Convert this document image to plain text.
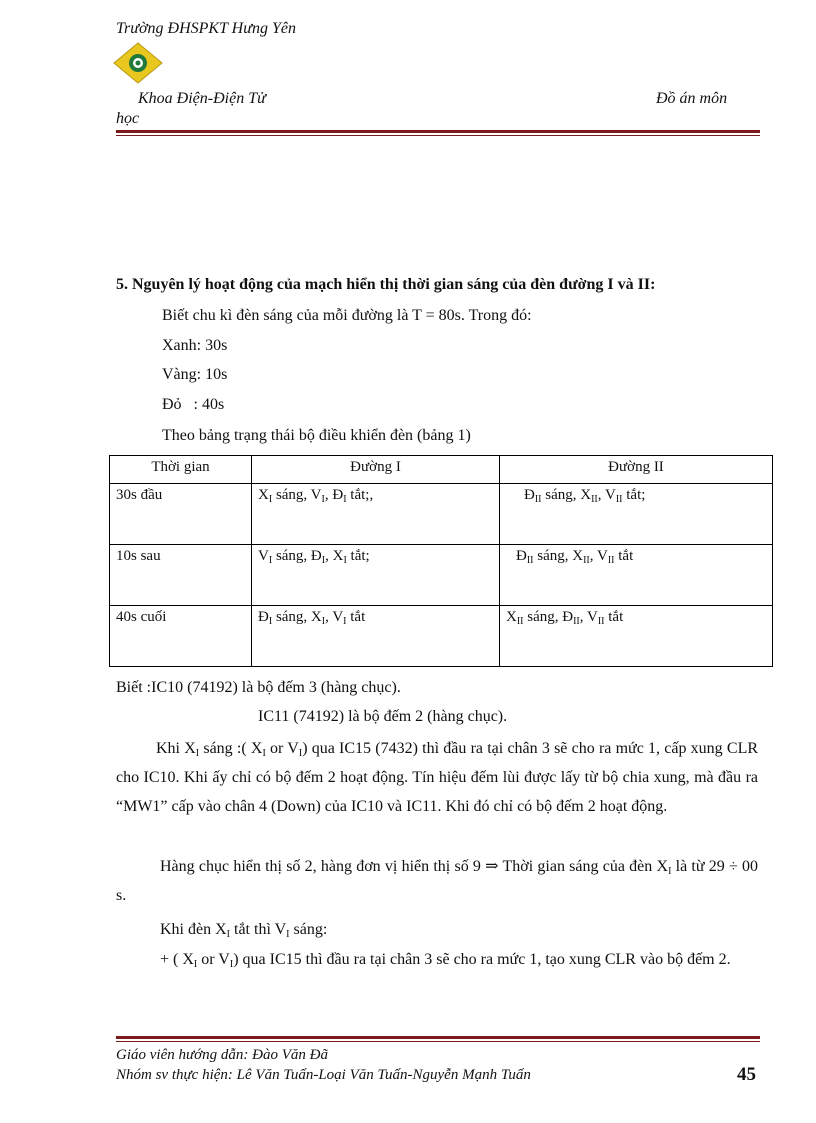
Trường ĐHSPKT Hưng Yên
Khoa Điện-Điện Tử	Đồ án môn
học
5. Nguyên lý hoạt động của mạch hiển thị thời gian sáng của đèn đường I và II:
Biết chu kì đèn sáng của mỗi đường là T = 80s. Trong đó:
Xanh: 30s
Vàng: 10s
Đỏ   : 40s
Theo bảng trạng thái bộ điều khiển đèn (bảng 1)
Thời gian	Đường I	Đường II
30s đầu	$X_I$ sáng, $V_I$, $Đ_I$ tắt;,	$Đ_{II}$ sáng, $X_{II}$, $V_{II}$ tắt;
10s sau	$V_I$ sáng, $Đ_I$, $X_I$ tắt;	$Đ_{II}$ sáng, $X_{II}$, $V_{II}$ tắt
40s cuối	$Đ_I$ sáng, $X_I$, $V_I$ tắt	$X_{II}$ sáng, $Đ_{II}$, $V_{II}$ tắt
Biết :IC10 (74192) là bộ đếm 3 (hàng chục).
IC11 (74192) là bộ đếm 2 (hàng chục).
Khi $X_I$ sáng :( $X_I$ or $V_I$) qua IC15 (7432) thì đầu ra tại chân 3 sẽ cho ra mức 1, cấp xung CLR cho IC10. Khi ấy chỉ có bộ đếm 2 hoạt động. Tín hiệu đếm lùi được lấy từ bộ chia xung, mà đầu ra “MW1” cấp vào chân 4 (Down) của IC10 và IC11. Khi đó chỉ có bộ đếm 2 hoạt động.
Hàng chục hiển thị số 2, hàng đơn vị hiển thị số 9 ⇒ Thời gian sáng của đèn $X_I$ là từ 29 ÷ 00 s.
Khi đèn $X_I$ tắt thì $V_I$ sáng:
+ ( $X_I$ or $V_I$) qua IC15 thì đầu ra tại chân 3 sẽ cho ra mức 1, tạo xung CLR vào bộ đếm 2.
Giáo viên hướng dẫn: Đào Văn Đã
Nhóm sv thực hiện: Lê Văn Tuấn-Loại Văn Tuấn-Nguyễn Mạnh Tuấn	45
